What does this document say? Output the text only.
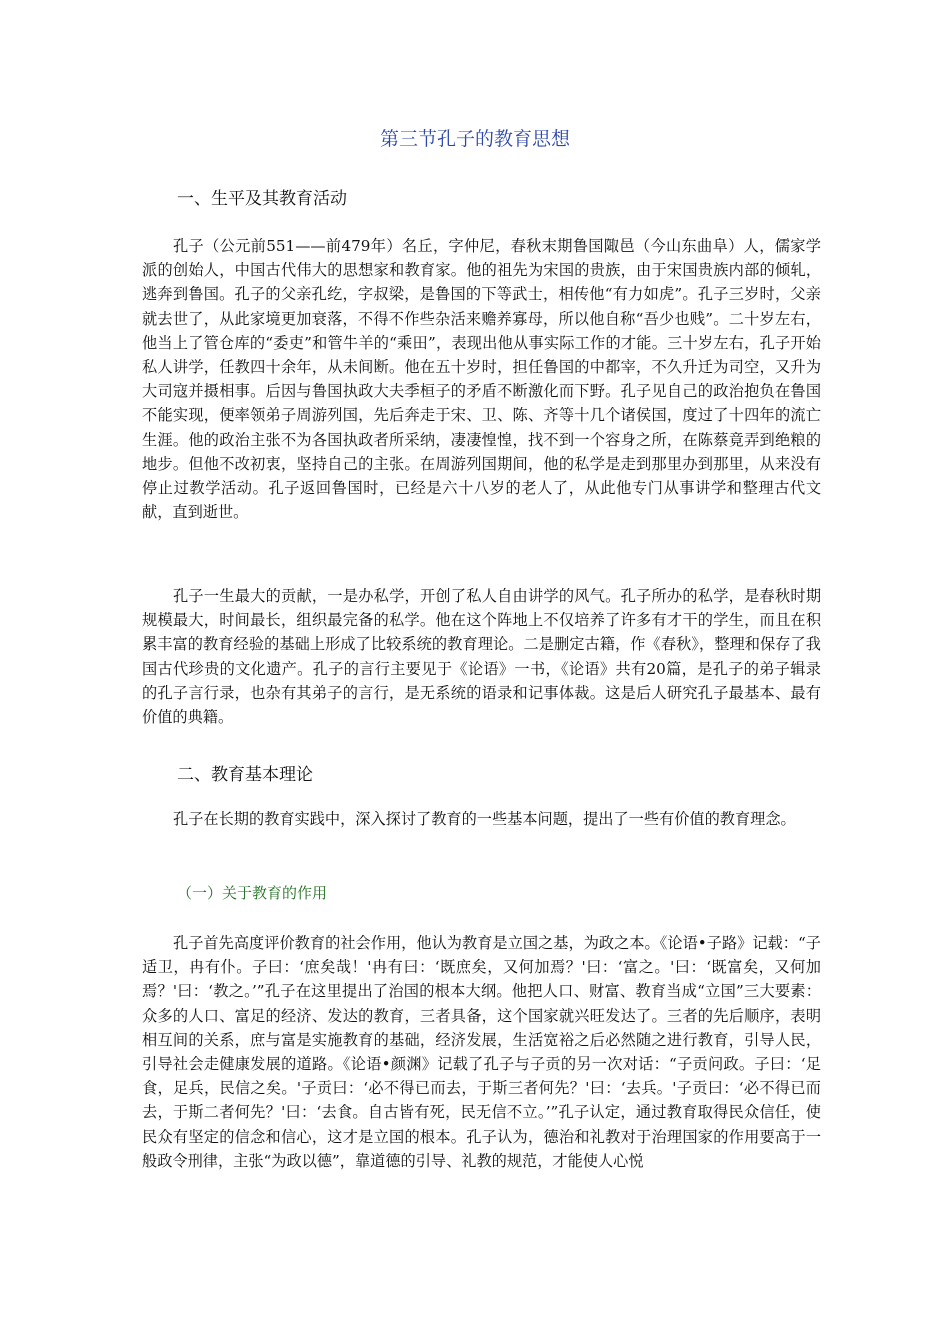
第三节孔子的教育思想
一、生平及其教育活动

孔子（公元前551——前479年）名丘，字仲尼，春秋末期鲁国陬邑（今山东曲阜）人，儒家学派的创始人，中国古代伟大的思想家和教育家。他的祖先为宋国的贵族，由于宋国贵族内部的倾轧，逃奔到鲁国。孔子的父亲孔纥，字叔梁，是鲁国的下等武士，相传他“有力如虎”。孔子三岁时，父亲就去世了，从此家境更加衰落，不得不作些杂活来赡养寡母，所以他自称“吾少也贱”。二十岁左右，他当上了管仓库的“委吏”和管牛羊的“乘田”，表现出他从事实际工作的才能。三十岁左右，孔子开始私人讲学，任教四十余年，从未间断。他在五十岁时，担任鲁国的中都宰，不久升迁为司空，又升为大司寇并摄相事。后因与鲁国执政大夫季桓子的矛盾不断激化而下野。孔子见自己的政治抱负在鲁国不能实现，便率领弟子周游列国，先后奔走于宋、卫、陈、齐等十几个诸侯国，度过了十四年的流亡生涯。他的政治主张不为各国执政者所采纳，凄凄惶惶，找不到一个容身之所，在陈蔡竟弄到绝粮的地步。但他不改初衷，坚持自己的主张。在周游列国期间，他的私学是走到那里办到那里，从来没有停止过教学活动。孔子返回鲁国时，已经是六十八岁的老人了，从此他专门从事讲学和整理古代文献，直到逝世。

孔子一生最大的贡献，一是办私学，开创了私人自由讲学的风气。孔子所办的私学，是春秋时期规模最大，时间最长，组织最完备的私学。他在这个阵地上不仅培养了许多有才干的学生，而且在积累丰富的教育经验的基础上形成了比较系统的教育理论。二是删定古籍，作《春秋》，整理和保存了我国古代珍贵的文化遗产。孔子的言行主要见于《论语》一书，《论语》共有20篇，是孔子的弟子辑录的孔子言行录，也杂有其弟子的言行，是无系统的语录和记事体裁。这是后人研究孔子最基本、最有价值的典籍。

二、教育基本理论

孔子在长期的教育实践中，深入探讨了教育的一些基本问题，提出了一些有价值的教育理念。

（一）关于教育的作用

孔子首先高度评价教育的社会作用，他认为教育是立国之基，为政之本。《论语•子路》记载：“子适卫，冉有仆。子曰：‘庶矣哉！'冉有曰：‘既庶矣，又何加焉？'曰：‘富之。'曰：‘既富矣，又何加焉？'曰：‘教之。’”孔子在这里提出了治国的根本大纲。他把人口、财富、教育当成“立国”三大要素：众多的人口、富足的经济、发达的教育，三者具备，这个国家就兴旺发达了。三者的先后顺序，表明相互间的关系，庶与富是实施教育的基础，经济发展，生活宽裕之后必然随之进行教育，引导人民，引导社会走健康发展的道路。《论语•颜渊》记载了孔子与子贡的另一次对话：“子贡问政。子曰：‘足食，足兵，民信之矣。'子贡曰：‘必不得已而去，于斯三者何先？'曰：‘去兵。'子贡曰：‘必不得已而去，于斯二者何先？'曰：‘去食。自古皆有死，民无信不立。’”孔子认定，通过教育取得民众信任，使民众有坚定的信念和信心，这才是立国的根本。孔子认为，德治和礼教对于治理国家的作用要高于一般政令刑律，主张“为政以德”，靠道德的引导、礼教的规范，才能使人心悦
